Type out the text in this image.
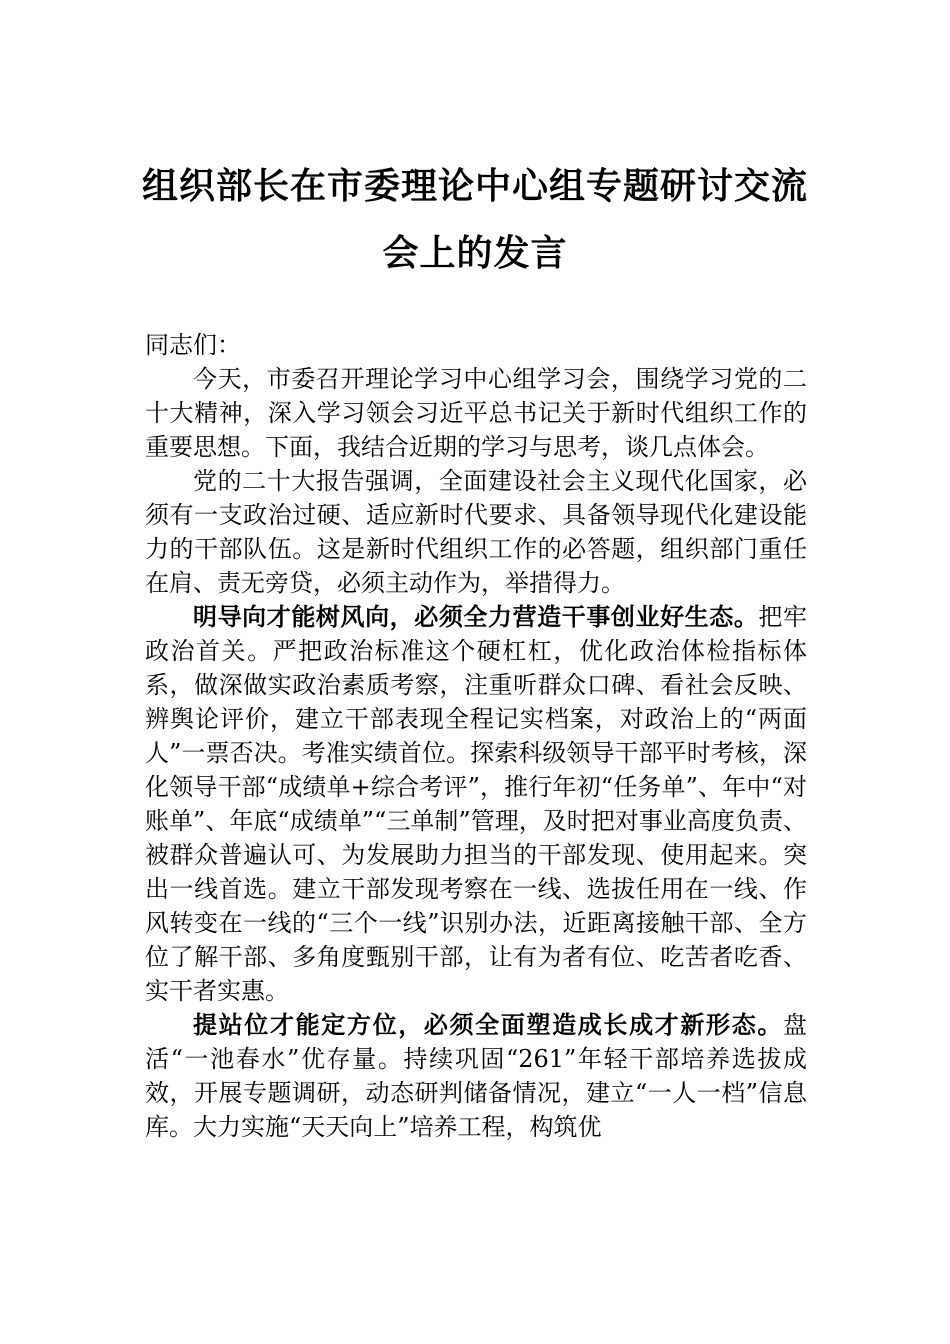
组织部长在市委理论中心组专题研讨交流
会上的发言

同志们：

今天，市委召开理论学习中心组学习会，围绕学习党的二十大精神，深入学习领会习近平总书记关于新时代组织工作的重要思想。下面，我结合近期的学习与思考，谈几点体会。

党的二十大报告强调，全面建设社会主义现代化国家，必须有一支政治过硬、适应新时代要求、具备领导现代化建设能力的干部队伍。这是新时代组织工作的必答题，组织部门重任在肩、责无旁贷，必须主动作为，举措得力。

明导向才能树风向，必须全力营造干事创业好生态。把牢政治首关。严把政治标准这个硬杠杠，优化政治体检指标体系，做深做实政治素质考察，注重听群众口碑、看社会反映、辨舆论评价，建立干部表现全程记实档案，对政治上的“两面人”一票否决。考准实绩首位。探索科级领导干部平时考核，深化领导干部“成绩单+综合考评”，推行年初“任务单”、年中“对账单”、年底“成绩单”“三单制”管理，及时把对事业高度负责、被群众普遍认可、为发展助力担当的干部发现、使用起来。突出一线首选。建立干部发现考察在一线、选拔任用在一线、作风转变在一线的“三个一线”识别办法，近距离接触干部、全方位了解干部、多角度甄别干部，让有为者有位、吃苦者吃香、实干者实惠。

提站位才能定方位，必须全面塑造成长成才新形态。盘活“一池春水”优存量。持续巩固“261”年轻干部培养选拔成效，开展专题调研，动态研判储备情况，建立“一人一档”信息库。大力实施“天天向上”培养工程，构筑优
